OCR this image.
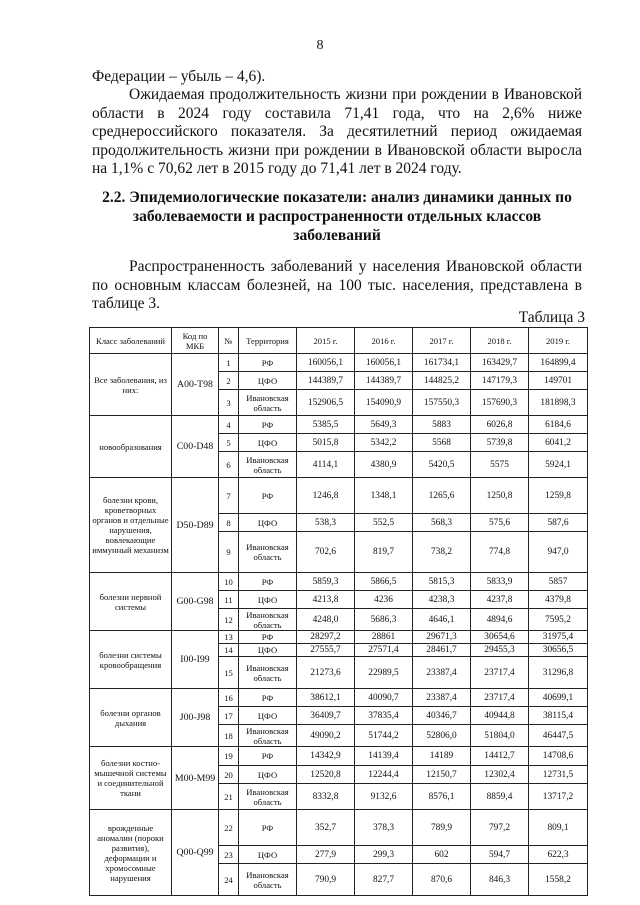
8
Федерации – убыль – 4,6).
Ожидаемая продолжительность жизни при рождении в Ивановской области в 2024 году составила 71,41 года, что на 2,6% ниже среднероссийского показателя. За десятилетний период ожидаемая продолжительность жизни при рождении в Ивановской области выросла на 1,1% с 70,62 лет в 2015 году до 71,41 лет в 2024 году.
2.2. Эпидемиологические показатели: анализ динамики данных по заболеваемости и распространенности отдельных классов заболеваний
Распространенность заболеваний у населения Ивановской области по основным классам болезней, на 100 тыс. населения, представлена в таблице 3.
Таблица 3
Класс заболеваний	Код по МКБ	№	Территория	2015 г.	2016 г.	2017 г.	2018 г.	2019 г.
Все заболевания, из них:	A00-T98	1	РФ	160056,1	160056,1	161734,1	163429,7	164899,4
		2	ЦФО	144389,7	144389,7	144825,2	147179,3	149701
		3	Ивановская область	152906,5	154090,9	157550,3	157690,3	181898,3
новообразования	C00-D48	4	РФ	5385,5	5649,3	5883	6026,8	6184,6
		5	ЦФО	5015,8	5342,2	5568	5739,8	6041,2
		6	Ивановская область	4114,1	4380,9	5420,5	5575	5924,1
болезни крови, кроветворных органов и отдельные нарушения, вовлекающие иммунный механизм	D50-D89	7	РФ	1246,8	1348,1	1265,6	1250,8	1259,8
		8	ЦФО	538,3	552,5	568,3	575,6	587,6
		9	Ивановская область	702,6	819,7	738,2	774,8	947,0
болезни нервной системы	G00-G98	10	РФ	5859,3	5866,5	5815,3	5833,9	5857
		11	ЦФО	4213,8	4236	4238,3	4237,8	4379,8
		12	Ивановская область	4248,0	5686,3	4646,1	4894,6	7595,2
болезни системы кровообращения	I00-I99	13	РФ	28297,2	28861	29671,3	30654,6	31975,4
		14	ЦФО	27555,7	27571,4	28461,7	29455,3	30656,5
		15	Ивановская область	21273,6	22989,5	23387,4	23717,4	31296,8
болезни органов дыхания	J00-J98	16	РФ	38612,1	40090,7	23387,4	23717,4	40699,1
		17	ЦФО	36409,7	37835,4	40346,7	40944,8	38115,4
		18	Ивановская область	49090,2	51744,2	52806,0	51804,0	46447,5
болезни костно-мышечной системы и соединительной ткани	M00-M99	19	РФ	14342,9	14139,4	14189	14412,7	14708,6
		20	ЦФО	12520,8	12244,4	12150,7	12302,4	12731,5
		21	Ивановская область	8332,8	9132,6	8576,1	8859,4	13717,2
врожденные аномалии (пороки развития), деформации и хромосомные нарушения	Q00-Q99	22	РФ	352,7	378,3	789,9	797,2	809,1
		23	ЦФО	277,9	299,3	602	594,7	622,3
		24	Ивановская область	790,9	827,7	870,6	846,3	1558,2
